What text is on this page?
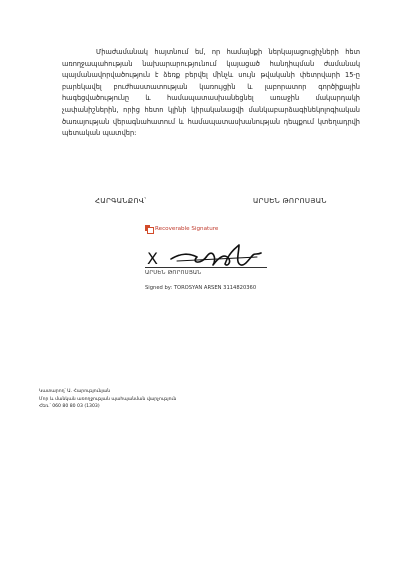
Միաժամանակ հայտնում եմ, որ համայնքի ներկայացուցիչների հետ առողջապահության նախարարությունում կայացած հանդիպման ժամանակ պայմանավորվածություն է ձեռք բերվել մինչև սույն թվականի փետրվարի 15-ը բարեկավել բուժհաստատության կառույցին և լաբորատոր գործիքային հագեցվածությունը և համապատասխանեցնել առաջին մակարդակի չափանիշներին, որից հետո կլինի կիրականացվի մանկաբարձագինեկոլոգիական ծառայության վերագնահատում և համապատասխանության դեպքում կտեղադրվի պետական պատվեր:

ՀԱՐԳԱՆՔՈՎ՝	ԱՐՍԵՆ ԹՈՐՈՍՅԱՆ
Recoverable Signature
X
ԱՐՍԵՆ ԹՈՐՈՍՅԱՆ
Signed by: TOROSYAN ARSEN 3114820360
Կատարող՝ Ա. Հարությունյան
Մոր և մանկան առողջության պահպանման վարչություն
Հեռ.՝ 060 80 80 03 (1303)
